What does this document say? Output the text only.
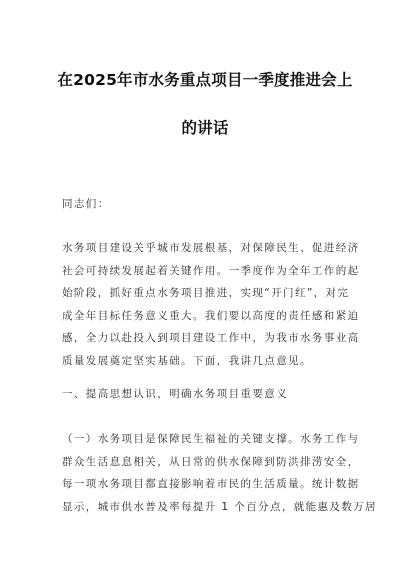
在2025年市水务重点项目一季度推进会上
的讲话
同志们：
水务项目建设关乎城市发展根基，对保障民生、促进经济
社会可持续发展起着关键作用。一季度作为全年工作的起
始阶段，抓好重点水务项目推进，实现“开门红”，对完
成全年目标任务意义重大。我们要以高度的责任感和紧迫
感，全力以赴投入到项目建设工作中，为我市水务事业高
质量发展奠定坚实基础。下面，我讲几点意见。
一、提高思想认识，明确水务项目重要意义
（一）水务项目是保障民生福祉的关键支撑。水务工作与
群众生活息息相关，从日常的供水保障到防洪排涝安全，
每一项水务项目都直接影响着市民的生活质量。统计数据
显示，城市供水普及率每提升 1 个百分点，就能惠及数万居
